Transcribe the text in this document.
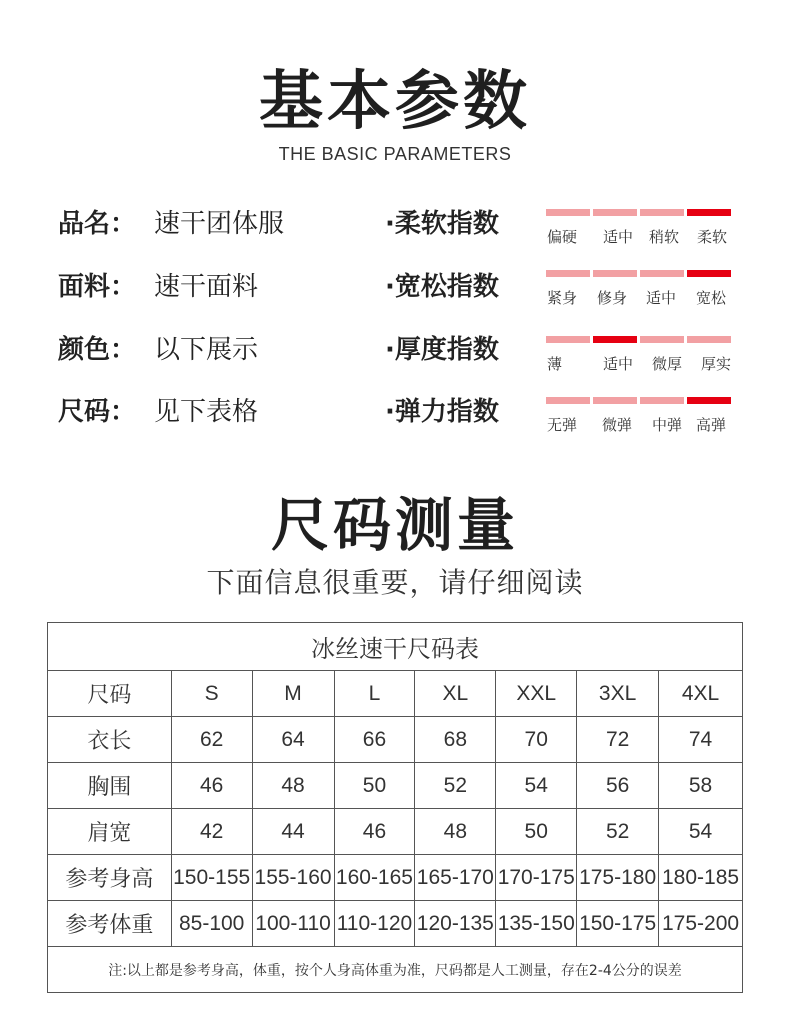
基本参数
THE BASIC PARAMETERS
品名： 速干团体服
面料： 速干面料
颜色： 以下展示
尺码： 见下表格
·柔软指数	偏硬	适中	稍软	柔软
·宽松指数	紧身	修身	适中	宽松
·厚度指数	薄	适中	微厚	厚实
·弹力指数	无弹	微弹	中弹 高弹
尺码测量
下面信息很重要，请仔细阅读
冰丝速干尺码表							
尺码	S	M	L	XL	XXL	3XL	4XL
衣长	62	64	66	68	70	72	74
胸围	46	48	50	52	54	56	58
肩宽	42	44	46	48	50	52	54
参考身高	150-155	155-160	160-165	165-170	170-175	175-180	180-185
参考体重	85-100	100-110	110-120	120-135	135-150	150-175	175-200
注:以上都是参考身高，体重，按个人身高体重为准，尺码都是人工测量，存在2-4公分的误差							
